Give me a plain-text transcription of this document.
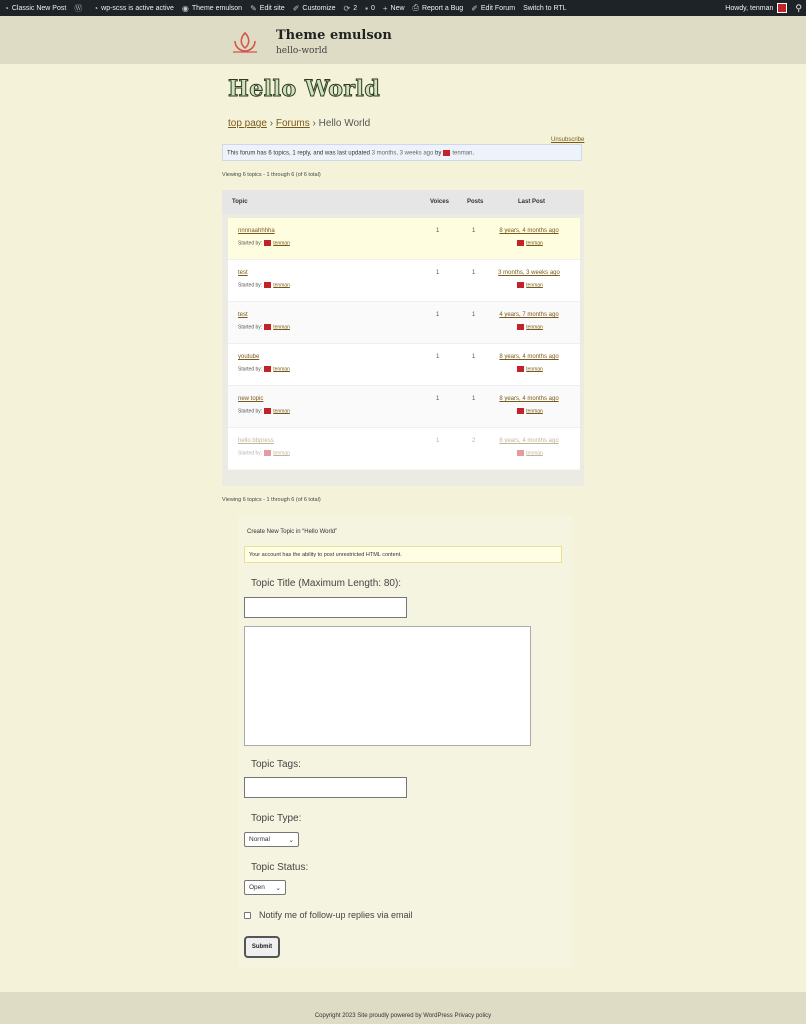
◔ Classic New Post Ⓦ ◔ wp-scss is active active ◉ Theme emulson ✎ Edit site ✐ Customize ⟳ 2 ▪ 0 + New ⎙ Report a Bug ✐ Edit Forum Switch to RTL	Howdy, tenman ⚲
Theme emulson
hello-world
Hello World
top page › Forums › Hello World
Unsubscribe
This forum has 6 topics, 1 reply, and was last updated 3 months, 3 weeks ago by tenman.
Viewing 6 topics - 1 through 6 (of 6 total)
Topic	Voices	Posts	Last Post
nnnnaahhhha
Started by: tenman
1	1	8 years, 4 months ago
tenman
test
Started by: tenman
1	1	3 months, 3 weeks ago
tenman
test
Started by: tenman
1	1	4 years, 7 months ago
tenman
youtube
Started by: tenman
1	1	8 years, 4 months ago
tenman
new topic
Started by: tenman
1	1	8 years, 4 months ago
tenman
hello bbpress
Started by: tenman
1	2	8 years, 4 months ago
tenman
Viewing 6 topics - 1 through 6 (of 6 total)
Create New Topic in “Hello World”
Your account has the ability to post unrestricted HTML content.
Topic Title (Maximum Length: 80):
Topic Tags:
Topic Type:
Normal	⌄
Topic Status:
Open ⌄
Notify me of follow-up replies via email
Submit
Copyright 2023 Site proudly powered by WordPress Privacy policy
